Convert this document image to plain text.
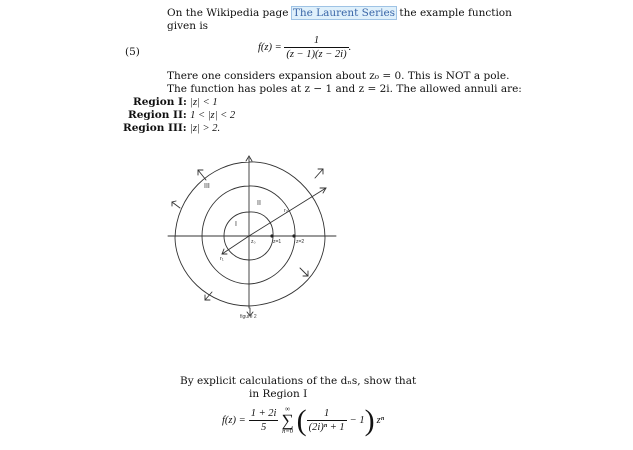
On the Wikipedia page The Laurent Series the example function
given is
(5)	$f(z) = \frac{1}{(z - 1)(z - 2i)}$ .
There one considers expansion about z₀ = 0. This is NOT a pole.
The function has poles at z − 1 and z = 2i. The allowed annuli are:
Region I: |z| < 1
Region II: 1 < |z| < 2
Region III: |z| > 2.
III
II
I
z₀	z=1	z=2
r₂
r₁
figure 2
By explicit calculations of the dₙs, show that
in Region I
$f(z) = \frac{1 + 2i}{5}$ ∞
∑
n=0 ( $\frac{1}{\text{(2i)ⁿ + 1}} - 1$ ) zⁿ
